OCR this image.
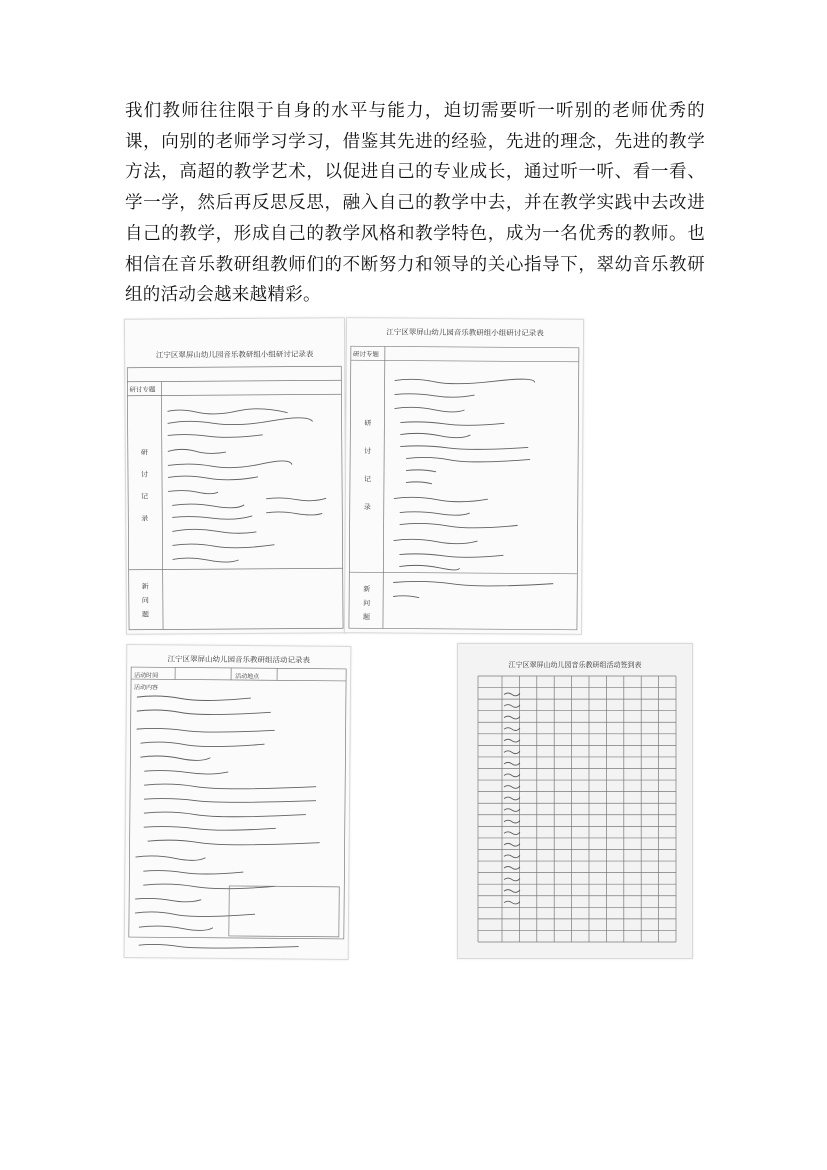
我们教师往往限于自身的水平与能力，迫切需要听一听别的老师优秀的课，向别的老师学习学习，借鉴其先进的经验，先进的理念，先进的教学方法，高超的教学艺术，以促进自己的专业成长，通过听一听、看一看、学一学，然后再反思反思，融入自己的教学中去，并在教学实践中去改进自己的教学，形成自己的教学风格和教学特色，成为一名优秀的教师。也相信在音乐教研组教师们的不断努力和领导的关心指导下，翠幼音乐教研组的活动会越来越精彩。
江宁区翠屏山幼儿园音乐教研组小组研讨记录表
研讨专题
研
讨
记
录
新
问
题
江宁区翠屏山幼儿园音乐教研组小组研讨记录表
研讨专题
研
讨
记
录
新
问
题
江宁区翠屏山幼儿园音乐教研组活动记录表
活动时间	活动地点
活动内容
江宁区翠屏山幼儿园音乐教研组活动签到表
